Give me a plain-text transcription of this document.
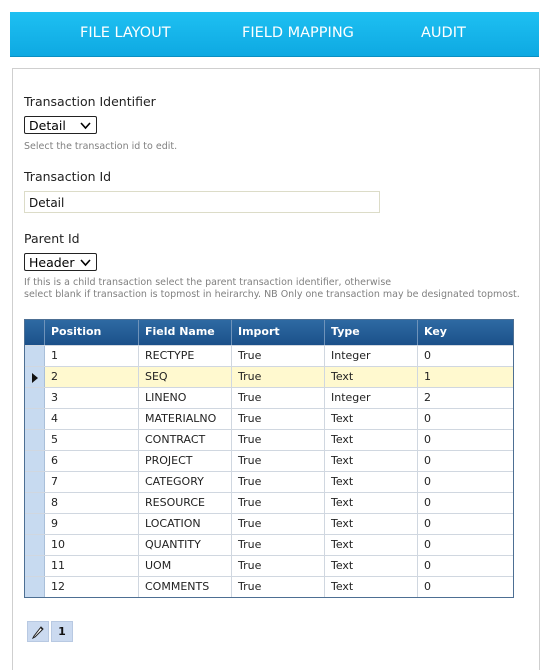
FILE LAYOUT	FIELD MAPPING	AUDIT
Transaction Identifier
Detail
Select the transaction id to edit.
Transaction Id
Detail
Parent Id
Header
If this is a child transaction select the parent transaction identifier, otherwise
select blank if transaction is topmost in heirarchy. NB Only one transaction may be designated topmost.
Position	Field Name	Import	Type	Key
1	RECTYPE	True	Integer	0
2	SEQ	True	Text	1
3	LINENO	True	Integer	2
4	MATERIALNO	True	Text	0
5	CONTRACT	True	Text	0
6	PROJECT	True	Text	0
7	CATEGORY	True	Text	0
8	RESOURCE	True	Text	0
9	LOCATION	True	Text	0
10	QUANTITY	True	Text	0
11	UOM	True	Text	0
12	COMMENTS	True	Text	0
1
